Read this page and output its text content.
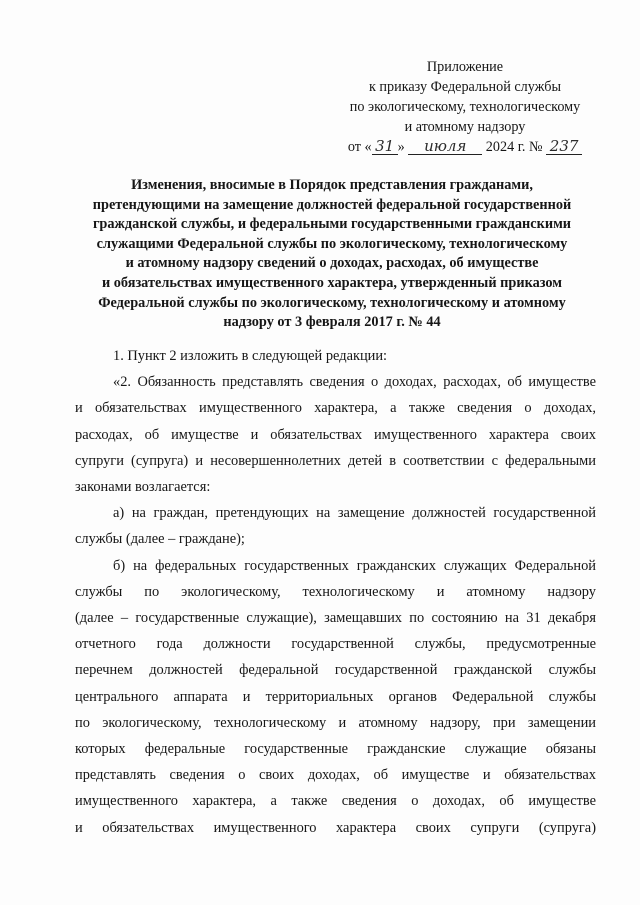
Приложение
к приказу Федеральной службы
по экологическому, технологическому
и атомному надзору
от « 31 » июля 2024 г. № 237
Изменения, вносимые в Порядок представления гражданами,
претендующими на замещение должностей федеральной государственной
гражданской службы, и федеральными государственными гражданскими
служащими Федеральной службы по экологическому, технологическому
и атомному надзору сведений о доходах, расходах, об имуществе
и обязательствах имущественного характера, утвержденный приказом
Федеральной службы по экологическому, технологическому и атомному
надзору от 3 февраля 2017 г. № 44
1. Пункт 2 изложить в следующей редакции:
«2. Обязанность представлять сведения о доходах, расходах, об имуществе
и обязательствах имущественного характера, а также сведения о доходах,
расходах, об имуществе и обязательствах имущественного характера своих
супруги (супруга) и несовершеннолетних детей в соответствии с федеральными
законами возлагается:
а) на граждан, претендующих на замещение должностей государственной
службы (далее – граждане);
б) на федеральных государственных гражданских служащих Федеральной
службы по экологическому, технологическому и атомному надзору
(далее – государственные служащие), замещавших по состоянию на 31 декабря
отчетного года должности государственной службы, предусмотренные
перечнем должностей федеральной государственной гражданской службы
центрального аппарата и территориальных органов Федеральной службы
по экологическому, технологическому и атомному надзору, при замещении
которых федеральные государственные гражданские служащие обязаны
представлять сведения о своих доходах, об имуществе и обязательствах
имущественного характера, а также сведения о доходах, об имуществе
и обязательствах имущественного характера своих супруги (супруга)
